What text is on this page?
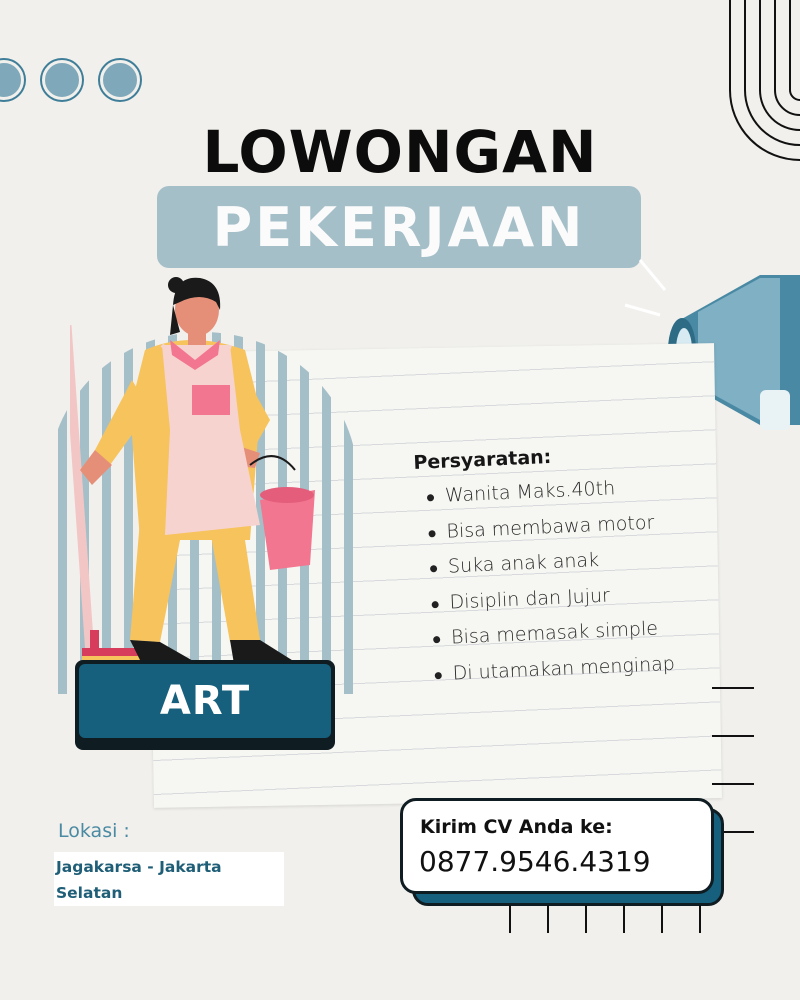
LOWONGAN
PEKERJAAN
ART
Persyaratan:
Wanita Maks.40th
Bisa membawa motor
Suka anak anak
Disiplin dan Jujur
Bisa memasak simple
Di utamakan menginap
Lokasi :
Jagakarsa - Jakarta Selatan
Kirim CV Anda ke:
0877.9546.4319
